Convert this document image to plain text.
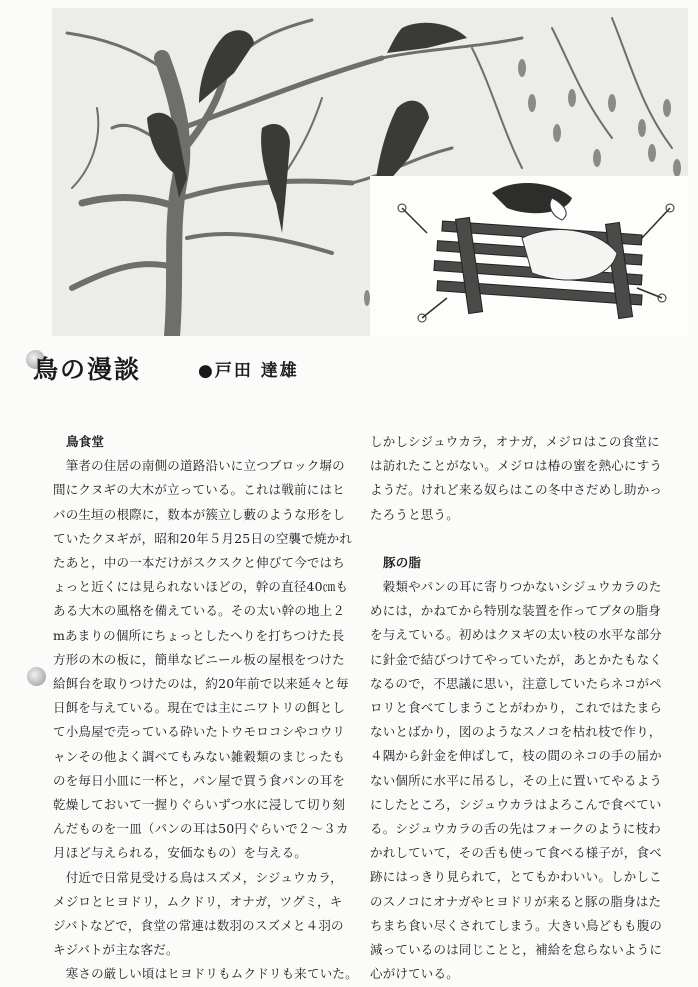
鳥の漫談	●戸田 達雄

鳥食堂

　筆者の住居の南側の道路沿いに立つブロック塀の

間にクヌギの大木が立っている。これは戦前にはヒ

バの生垣の根際に，数本が簇立し藪のような形をし

ていたクヌギが，昭和20年５月25日の空襲で焼かれ

たあと，中の一本だけがスクスクと伸びて今ではち

ょっと近くには見られないほどの，幹の直径40㎝も

ある大木の風格を備えている。その太い幹の地上２

mあまりの個所にちょっとしたへりを打ちつけた長

方形の木の板に，簡単なビニール板の屋根をつけた

給餌台を取りつけたのは，約20年前で以来延々と毎

日餌を与えている。現在では主にニワトリの餌とし

て小鳥屋で売っている砕いたトウモロコシやコウリ

ャンその他よく調べてもみない雑穀類のまじったも

のを毎日小皿に一杯と，パン屋で買う食パンの耳を

乾燥しておいて一握りぐらいずつ水に浸して切り刻

んだものを一皿（パンの耳は50円ぐらいで２～３カ

月ほど与えられる，安価なもの）を与える。

　付近で日常見受ける鳥はスズメ，シジュウカラ，

メジロとヒヨドリ，ムクドリ，オナガ，ツグミ，キ

ジバトなどで，食堂の常連は数羽のスズメと４羽の

キジバトが主な客だ。

　寒さの厳しい頃はヒヨドリもムクドリも来ていた。

しかしシジュウカラ，オナガ，メジロはこの食堂に

は訪れたことがない。メジロは椿の蜜を熱心にすう

ようだ。けれど来る奴らはこの冬中さだめし助かっ

たろうと思う。

豚の脂

　穀類やパンの耳に寄りつかないシジュウカラのた

めには，かねてから特別な装置を作ってブタの脂身

を与えている。初めはクヌギの太い枝の水平な部分

に針金で結びつけてやっていたが，あとかたもなく

なるので，不思議に思い，注意していたらネコがペ

ロリと食べてしまうことがわかり，これではたまら

ないとばかり，図のようなスノコを枯れ枝で作り，

４隅から針金を伸ばして，枝の間のネコの手の届か

ない個所に水平に吊るし，その上に置いてやるよう

にしたところ，シジュウカラはよろこんで食べてい

る。シジュウカラの舌の先はフォークのように枝わ

かれしていて，その舌も使って食べる様子が，食べ

跡にはっきり見られて，とてもかわいい。しかしこ

のスノコにオナガやヒヨドリが来ると豚の脂身はた

ちまち食い尽くされてしまう。大きい鳥どもも腹の

減っているのは同じことと，補給を怠らないように

心がけている。
